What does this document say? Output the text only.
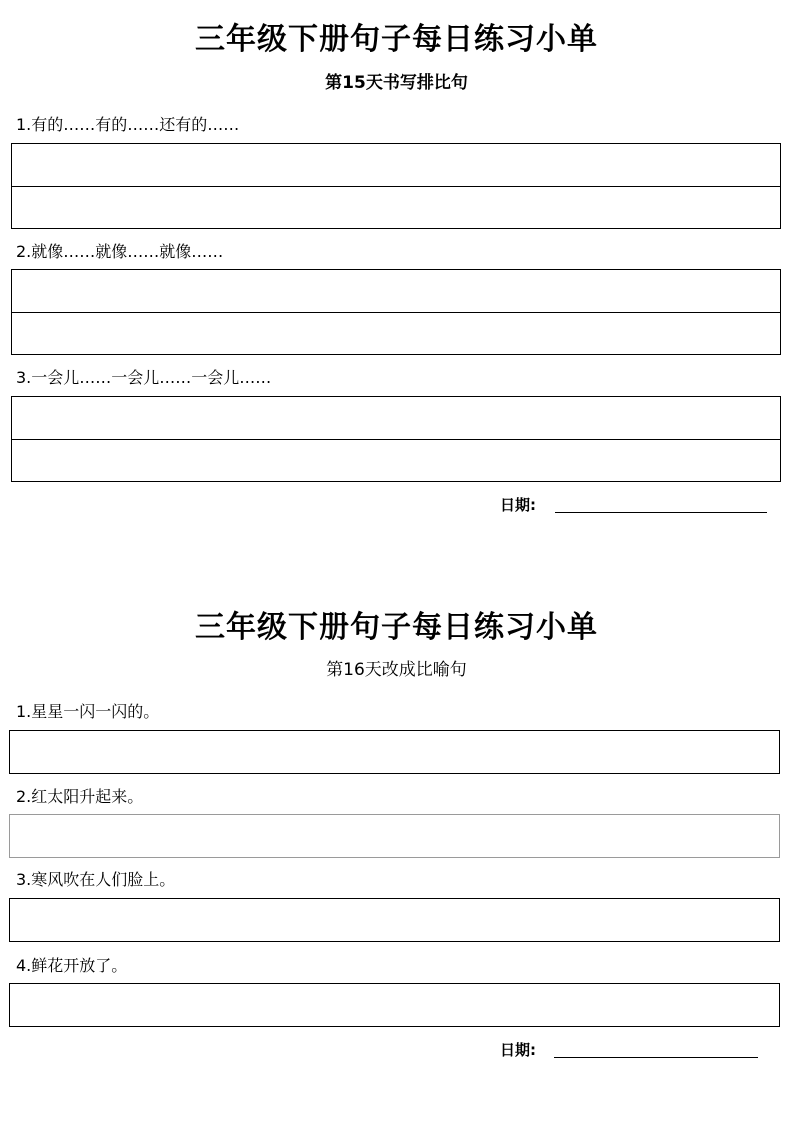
三年级下册句子每日练习小单
第15天书写排比句
1.有的……有的……还有的……
2.就像……就像……就像……
3.一会儿……一会儿……一会儿……
日期:
三年级下册句子每日练习小单
第16天改成比喻句
1.星星一闪一闪的。
2.红太阳升起来。
3.寒风吹在人们脸上。
4.鲜花开放了。
日期:
